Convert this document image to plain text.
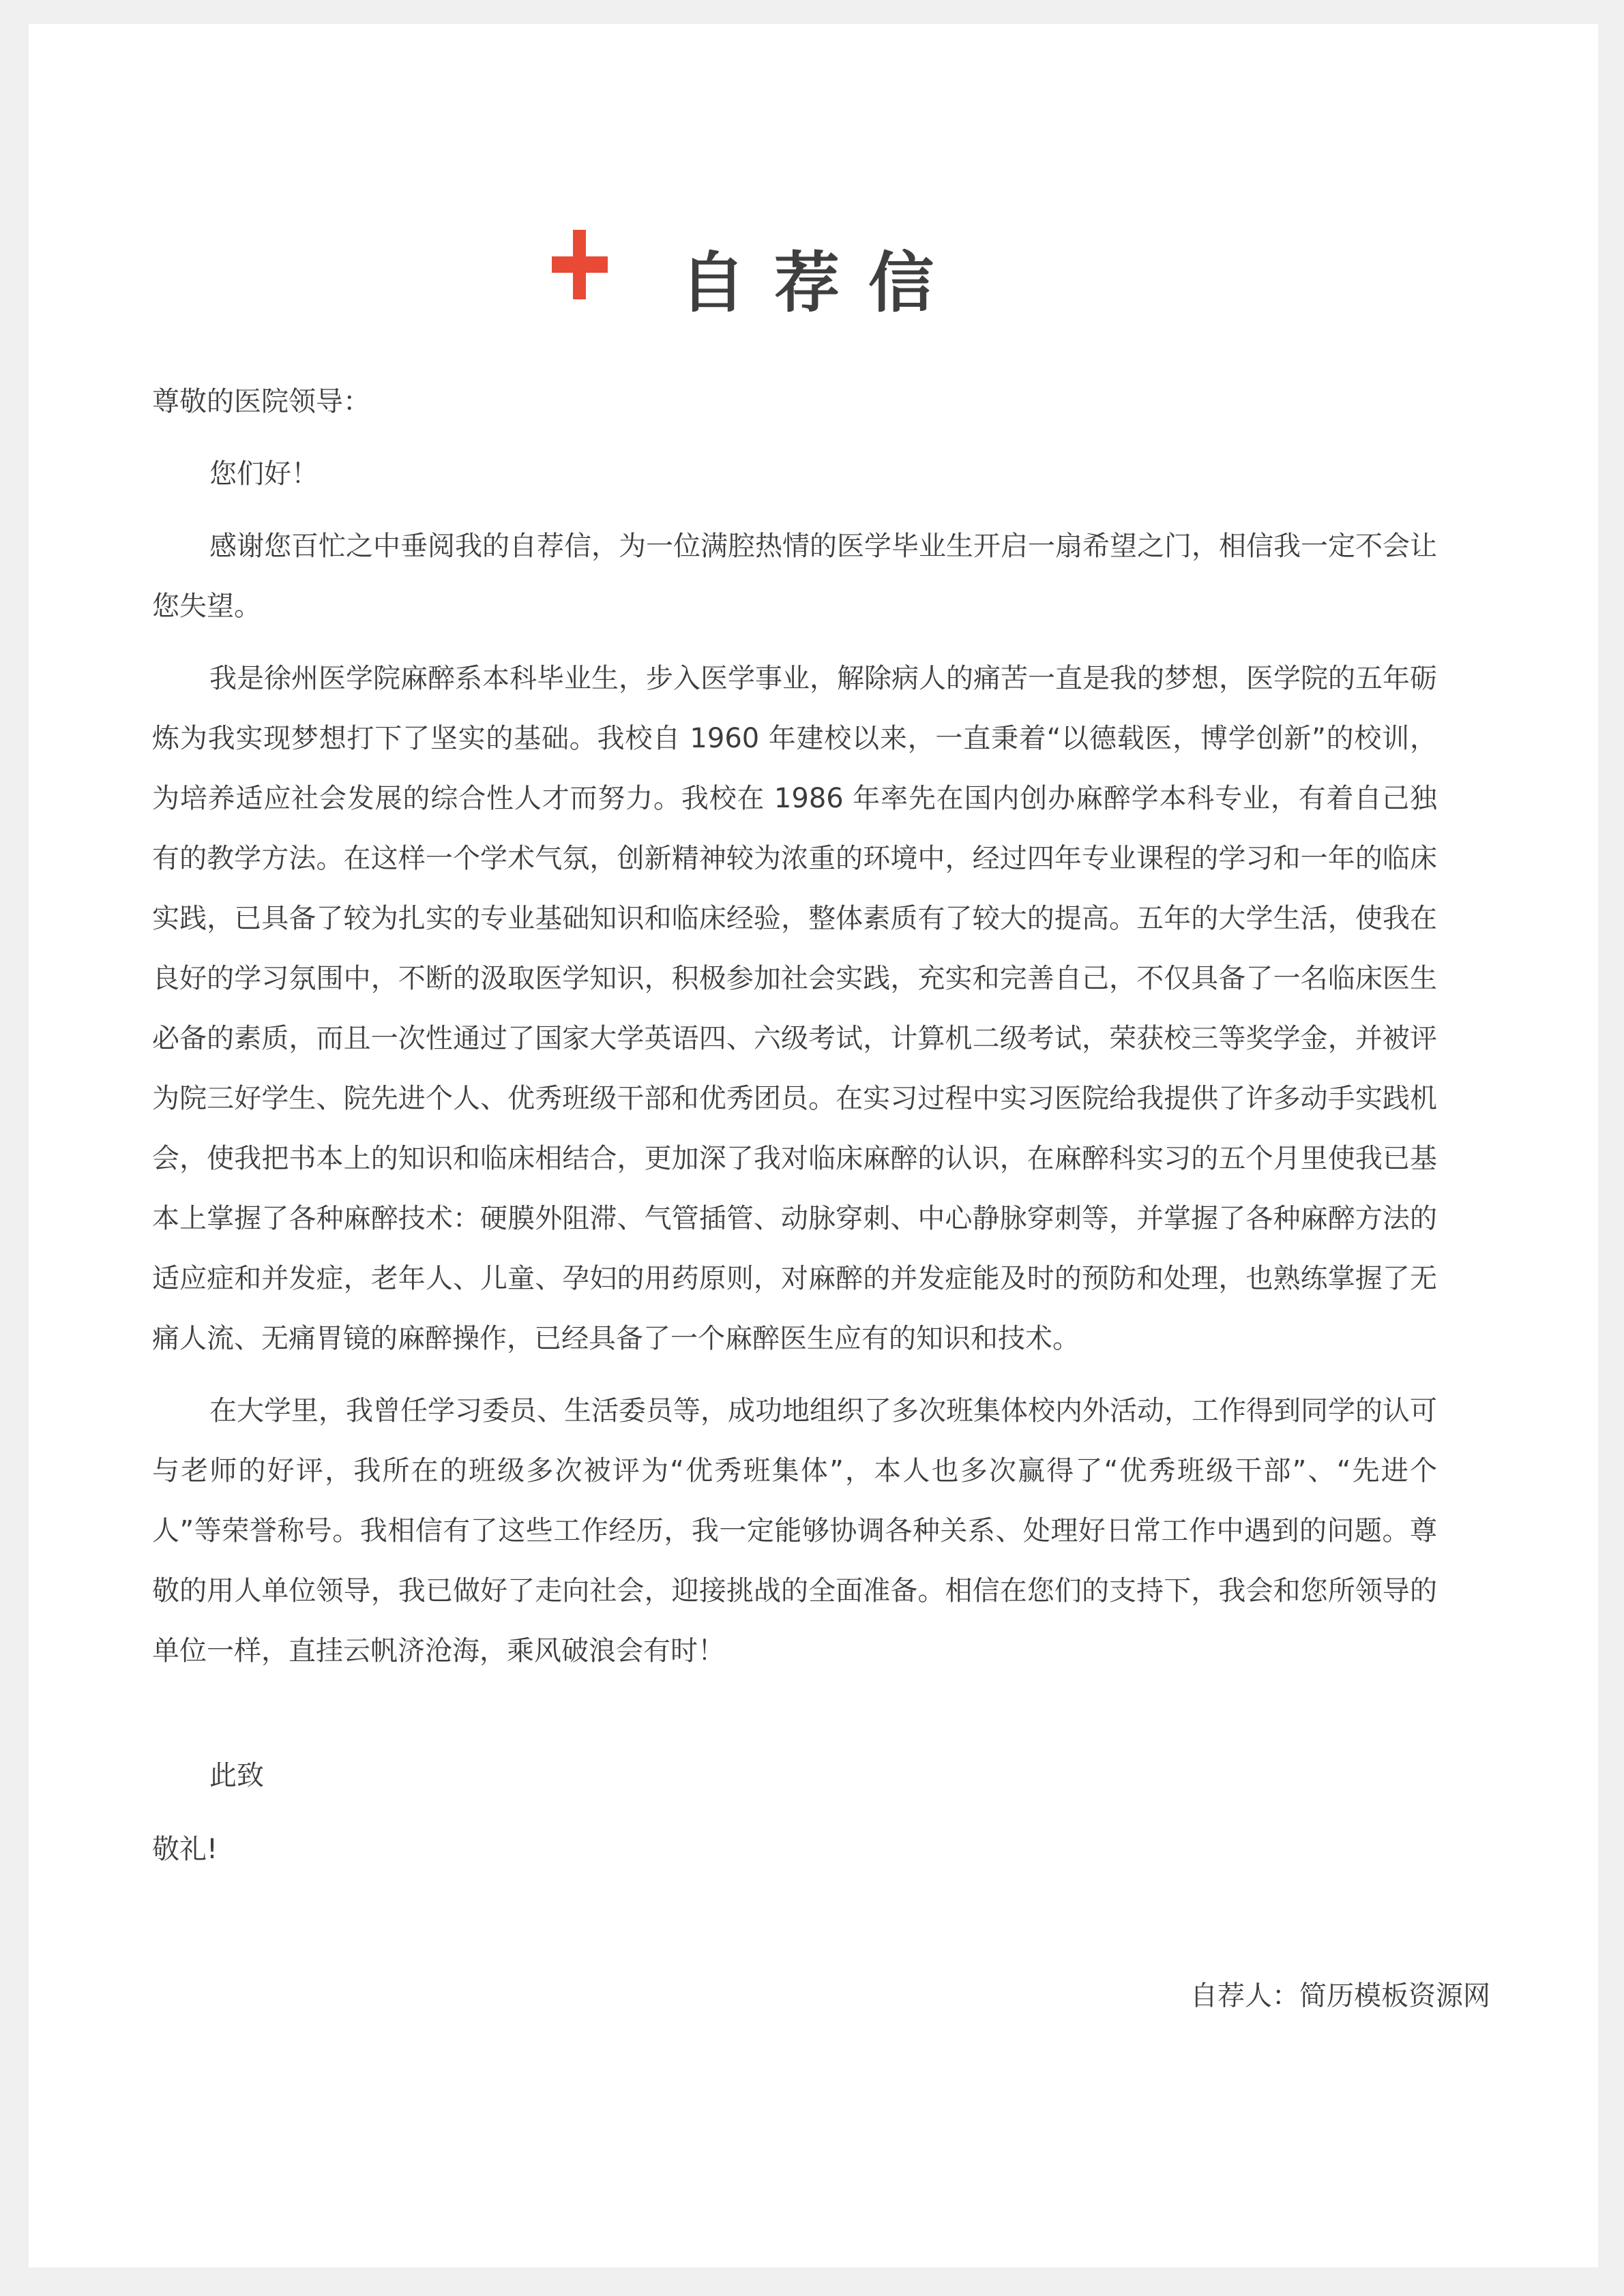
自荐信

尊敬的医院领导：

您们好！

感谢您百忙之中垂阅我的自荐信，为一位满腔热情的医学毕业生开启一扇希望之门，相信我一定不会让您失望。

我是徐州医学院麻醉系本科毕业生，步入医学事业，解除病人的痛苦一直是我的梦想，医学院的五年砺炼为我实现梦想打下了坚实的基础。我校自 1960 年建校以来，一直秉着“以德载医，博学创新”的校训，为培养适应社会发展的综合性人才而努力。我校在 1986 年率先在国内创办麻醉学本科专业，有着自己独有的教学方法。在这样一个学术气氛，创新精神较为浓重的环境中，经过四年专业课程的学习和一年的临床实践，已具备了较为扎实的专业基础知识和临床经验，整体素质有了较大的提高。五年的大学生活，使我在良好的学习氛围中，不断的汲取医学知识，积极参加社会实践，充实和完善自己，不仅具备了一名临床医生必备的素质，而且一次性通过了国家大学英语四、六级考试，计算机二级考试，荣获校三等奖学金，并被评为院三好学生、院先进个人、优秀班级干部和优秀团员。在实习过程中实习医院给我提供了许多动手实践机会，使我把书本上的知识和临床相结合，更加深了我对临床麻醉的认识，在麻醉科实习的五个月里使我已基本上掌握了各种麻醉技术：硬膜外阻滞、气管插管、动脉穿刺、中心静脉穿刺等，并掌握了各种麻醉方法的适应症和并发症，老年人、儿童、孕妇的用药原则，对麻醉的并发症能及时的预防和处理，也熟练掌握了无痛人流、无痛胃镜的麻醉操作，已经具备了一个麻醉医生应有的知识和技术。

在大学里，我曾任学习委员、生活委员等，成功地组织了多次班集体校内外活动，工作得到同学的认可与老师的好评，我所在的班级多次被评为“优秀班集体”，本人也多次赢得了“优秀班级干部”、“先进个人”等荣誉称号。我相信有了这些工作经历，我一定能够协调各种关系、处理好日常工作中遇到的问题。尊敬的用人单位领导，我已做好了走向社会，迎接挑战的全面准备。相信在您们的支持下，我会和您所领导的单位一样，直挂云帆济沧海，乘风破浪会有时！

此致

敬礼!

自荐人：简历模板资源网
